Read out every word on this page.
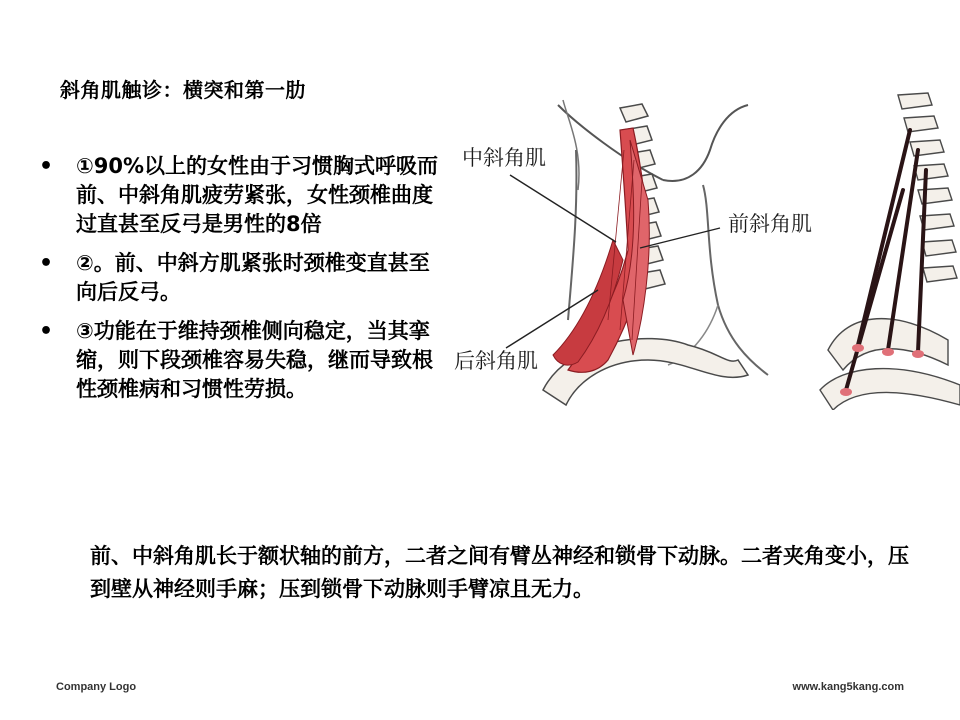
斜角肌触诊：横突和第一肋
• ①90%以上的女性由于习惯胸式呼吸而前、中斜角肌疲劳紧张，女性颈椎曲度过直甚至反弓是男性的8倍
• ②。前、中斜方肌紧张时颈椎变直甚至向后反弓。
• ③功能在于维持颈椎侧向稳定，当其挛缩，则下段颈椎容易失稳，继而导致根性颈椎病和习惯性劳损。
中斜角肌
前斜角肌
后斜角肌
前、中斜角肌长于额状轴的前方，二者之间有臂丛神经和锁骨下动脉。二者夹角变小，压到壁从神经则手麻；压到锁骨下动脉则手臂凉且无力。
Company Logo	www.kang5kang.com
